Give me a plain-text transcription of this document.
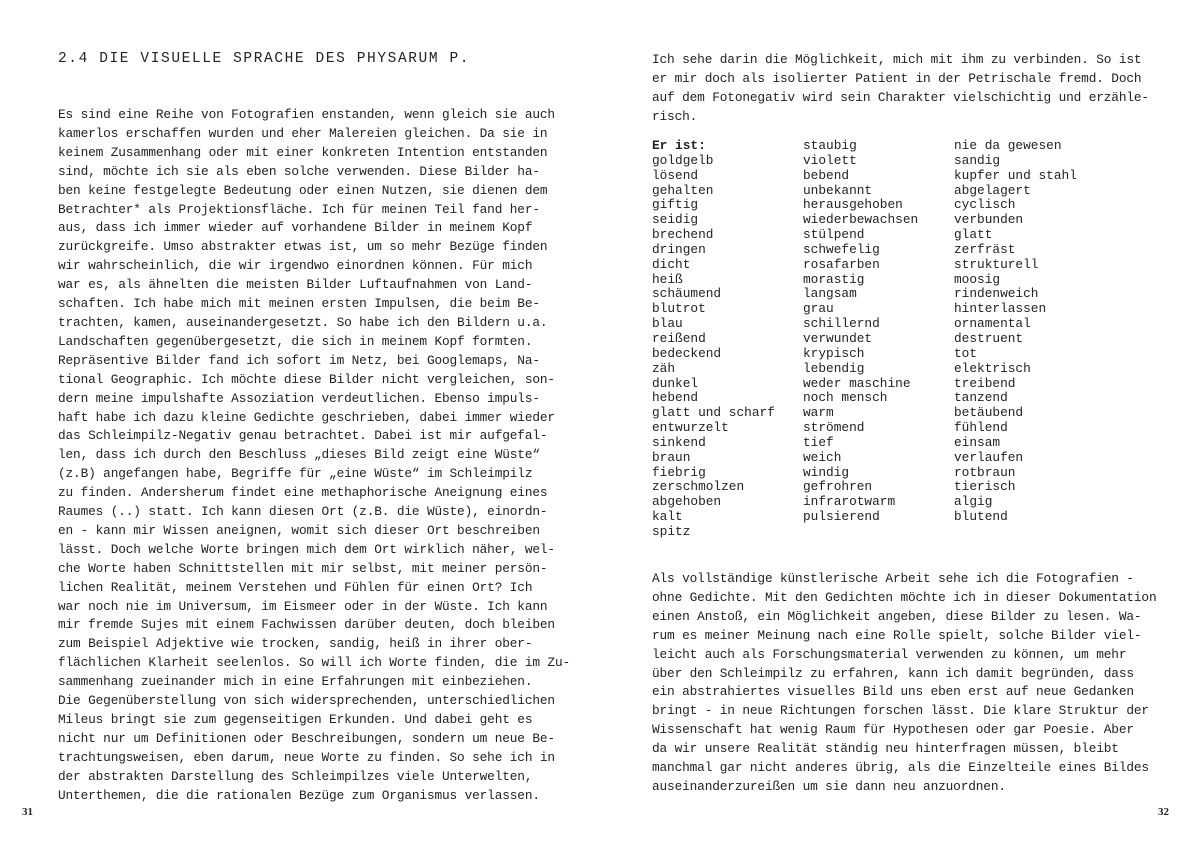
2.4 DIE VISUELLE SPRACHE DES PHYSARUM P.

Es sind eine Reihe von Fotografien enstanden, wenn gleich sie auch
kamerlos erschaffen wurden und eher Malereien gleichen. Da sie in
keinem Zusammenhang oder mit einer konkreten Intention entstanden
sind, möchte ich sie als eben solche verwenden. Diese Bilder ha-
ben keine festgelegte Bedeutung oder einen Nutzen, sie dienen dem
Betrachter* als Projektionsfläche. Ich für meinen Teil fand her-
aus, dass ich immer wieder auf vorhandene Bilder in meinem Kopf
zurückgreife. Umso abstrakter etwas ist, um so mehr Bezüge finden
wir wahrscheinlich, die wir irgendwo einordnen können. Für mich
war es, als ähnelten die meisten Bilder Luftaufnahmen von Land-
schaften. Ich habe mich mit meinen ersten Impulsen, die beim Be-
trachten, kamen, auseinandergesetzt. So habe ich den Bildern u.a.
Landschaften gegenübergesetzt, die sich in meinem Kopf formten.
Repräsentive Bilder fand ich sofort im Netz, bei Googlemaps, Na-
tional Geographic. Ich möchte diese Bilder nicht vergleichen, son-
dern meine impulshafte Assoziation verdeutlichen. Ebenso impuls-
haft habe ich dazu kleine Gedichte geschrieben, dabei immer wieder
das Schleimpilz-Negativ genau betrachtet. Dabei ist mir aufgefal-
len, dass ich durch den Beschluss „dieses Bild zeigt eine Wüste“
(z.B) angefangen habe, Begriffe für „eine Wüste“ im Schleimpilz
zu finden. Andersherum findet eine methaphorische Aneignung eines
Raumes (..) statt. Ich kann diesen Ort (z.B. die Wüste), einordn-
en - kann mir Wissen aneignen, womit sich dieser Ort beschreiben
lässt. Doch welche Worte bringen mich dem Ort wirklich näher, wel-
che Worte haben Schnittstellen mit mir selbst, mit meiner persön-
lichen Realität, meinem Verstehen und Fühlen für einen Ort? Ich
war noch nie im Universum, im Eismeer oder in der Wüste. Ich kann
mir fremde Sujes mit einem Fachwissen darüber deuten, doch bleiben
zum Beispiel Adjektive wie trocken, sandig, heiß in ihrer ober-
flächlichen Klarheit seelenlos. So will ich Worte finden, die im Zu-
sammenhang zueinander mich in eine Erfahrungen mit einbeziehen.
Die Gegenüberstellung von sich widersprechenden, unterschiedlichen
Mileus bringt sie zum gegenseitigen Erkunden. Und dabei geht es
nicht nur um Definitionen oder Beschreibungen, sondern um neue Be-
trachtungsweisen, eben darum, neue Worte zu finden. So sehe ich in
der abstrakten Darstellung des Schleimpilzes viele Unterwelten,
Unterthemen, die die rationalen Bezüge zum Organismus verlassen.

31

Ich sehe darin die Möglichkeit, mich mit ihm zu verbinden. So ist
er mir doch als isolierter Patient in der Petrischale fremd. Doch
auf dem Fotonegativ wird sein Charakter vielschichtig und erzähle-
risch.

Er ist:
goldgelb
lösend
gehalten
giftig
seidig
brechend
dringen
dicht
heiß
schäumend
blutrot
blau
reißend
bedeckend
zäh
dunkel
hebend
glatt und scharf
entwurzelt
sinkend
braun
fiebrig
zerschmolzen
abgehoben
kalt
spitz
staubig
violett
bebend
unbekannt
herausgehoben
wiederbewachsen
stülpend
schwefelig
rosafarben
morastig
langsam
grau
schillernd
verwundet
krypisch
lebendig
weder maschine
noch mensch
warm
strömend
tief
weich
windig
gefrohren
infrarotwarm
pulsierend
nie da gewesen
sandig
kupfer und stahl
abgelagert
cyclisch
verbunden
glatt
zerfräst
strukturell
moosig
rindenweich
hinterlassen
ornamental
destruent
tot
elektrisch
treibend
tanzend
betäubend
fühlend
einsam
verlaufen
rotbraun
tierisch
algig
blutend

Als vollständige künstlerische Arbeit sehe ich die Fotografien -
ohne Gedichte. Mit den Gedichten möchte ich in dieser Dokumentation
einen Anstoß, ein Möglichkeit angeben, diese Bilder zu lesen. Wa-
rum es meiner Meinung nach eine Rolle spielt, solche Bilder viel-
leicht auch als Forschungsmaterial verwenden zu können, um mehr
über den Schleimpilz zu erfahren, kann ich damit begründen, dass
ein abstrahiertes visuelles Bild uns eben erst auf neue Gedanken
bringt - in neue Richtungen forschen lässt. Die klare Struktur der
Wissenschaft hat wenig Raum für Hypothesen oder gar Poesie. Aber
da wir unsere Realität ständig neu hinterfragen müssen, bleibt
manchmal gar nicht anderes übrig, als die Einzelteile eines Bildes
auseinanderzureißen um sie dann neu anzuordnen.

32
